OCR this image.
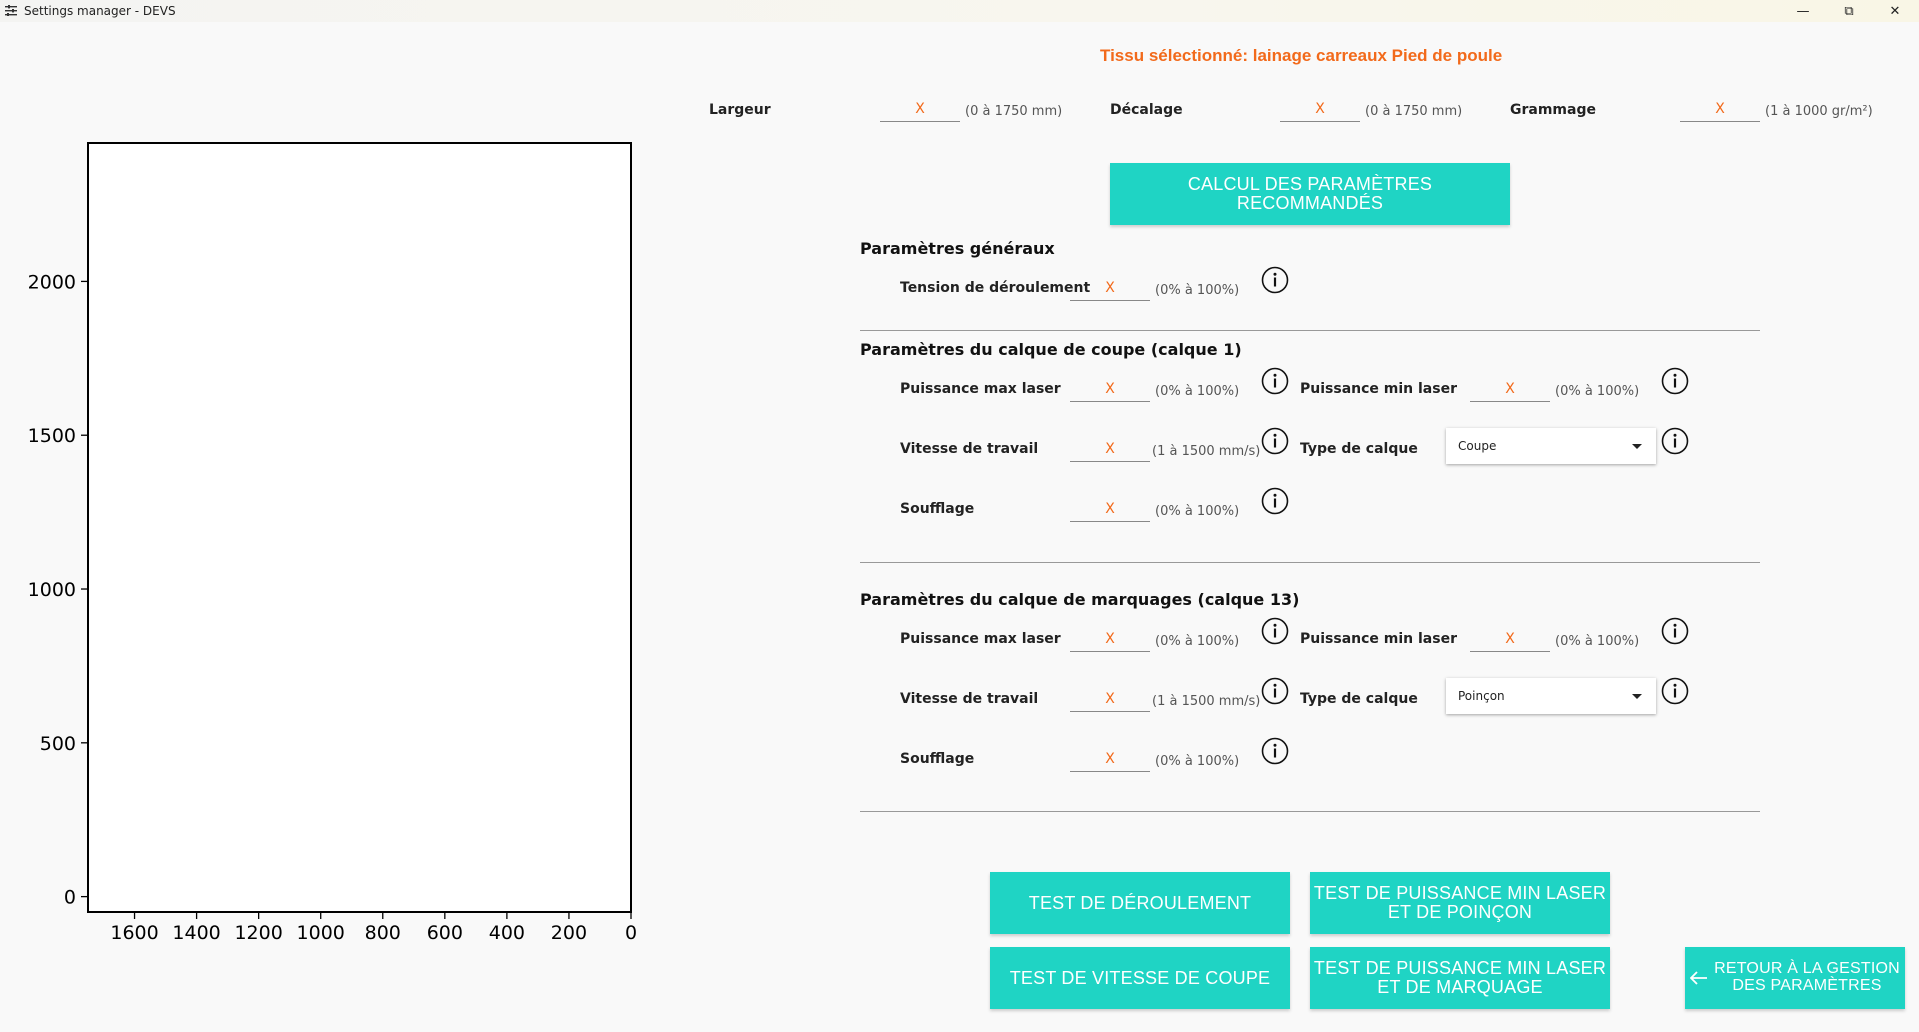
Settings manager - DEVS	—	⧉	✕
1600 1400 1200 1000 800 600 400 200 0
2000
1500
1000
500
0
Tissu sélectionné: lainage carreaux Pied de poule
Largeur
X	(0 à 1750 mm)	Décalage
X	(0 à 1750 mm)	Grammage
X	(1 à 1000 gr/m²)
CALCUL DES PARAMÈTRES
RECOMMANDÉS
Paramètres généraux
Tension de déroulement
X	(0% à 100%)
Paramètres du calque de coupe (calque 1)
Puissance max laser
X	(0% à 100%)	Puissance min laser
X	(0% à 100%)
Vitesse de travail
X	(1 à 1500 mm/s)	Type de calque	Coupe
Soufflage
X	(0% à 100%)
Paramètres du calque de marquages (calque 13)
Puissance max laser
X	(0% à 100%)	Puissance min laser
X	(0% à 100%)
Vitesse de travail
X	(1 à 1500 mm/s)	Type de calque	Poinçon
Soufflage
X	(0% à 100%)
TEST DE DÉROULEMENT
TEST DE VITESSE DE COUPE
TEST DE PUISSANCE MIN LASER
ET DE POINÇON
TEST DE PUISSANCE MIN LASER
ET DE MARQUAGE
RETOUR À LA GESTION
DES PARAMÈTRES
